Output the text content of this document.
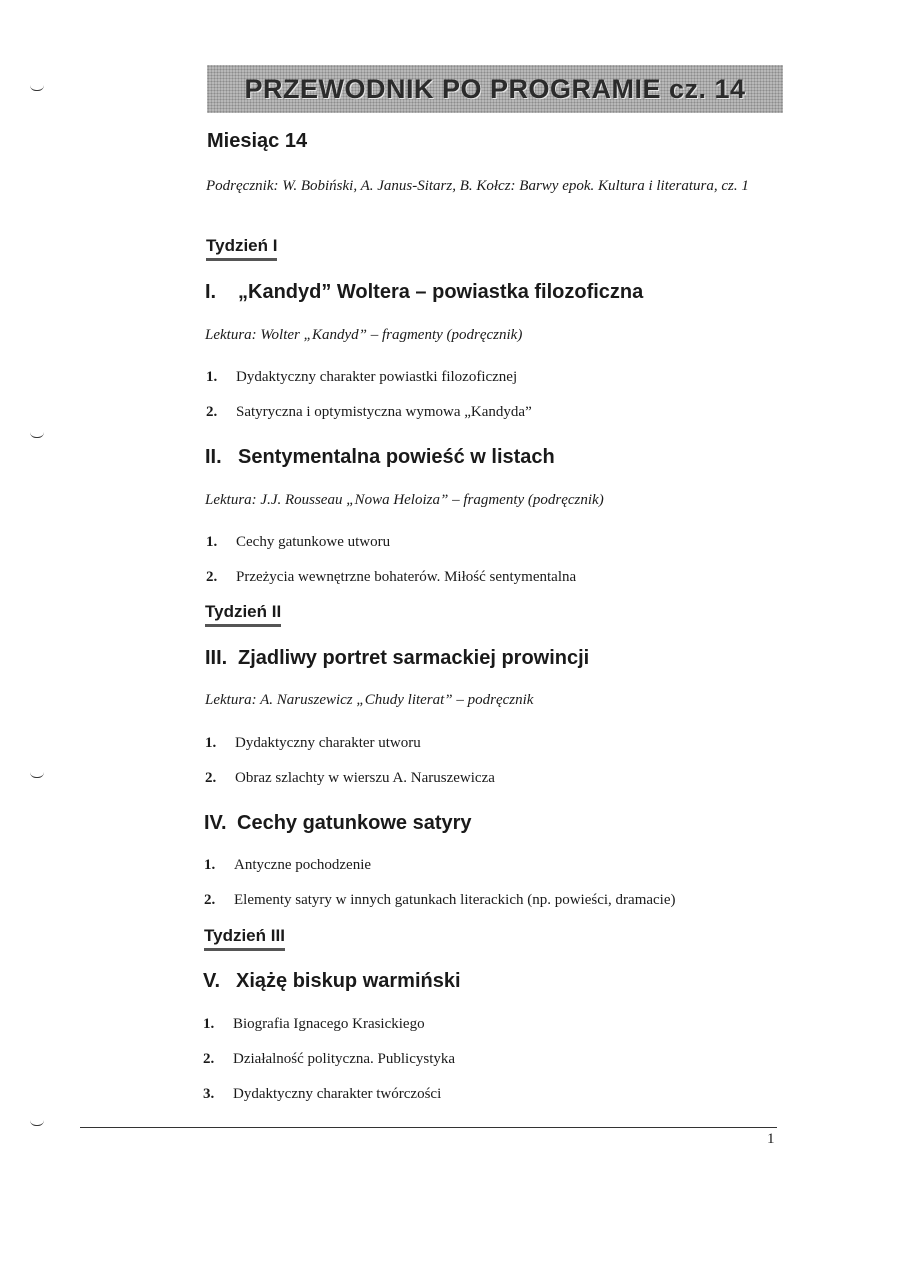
PRZEWODNIK PO PROGRAMIE cz. 14
Miesiąc 14
Podręcznik: W. Bobiński, A. Janus-Sitarz, B. Kołcz: Barwy epok. Kultura i literatura, cz. 1
Tydzień I
I. „Kandyd” Woltera – powiastka filozoficzna
Lektura: Wolter „Kandyd” – fragmenty (podręcznik)
1. Dydaktyczny charakter powiastki filozoficznej
2. Satyryczna i optymistyczna wymowa „Kandyda”
II. Sentymentalna powieść w listach
Lektura: J.J. Rousseau „Nowa Heloiza” – fragmenty (podręcznik)
1. Cechy gatunkowe utworu
2. Przeżycia wewnętrzne bohaterów. Miłość sentymentalna
Tydzień II
III. Zjadliwy portret sarmackiej prowincji
Lektura: A. Naruszewicz „Chudy literat” – podręcznik
1. Dydaktyczny charakter utworu
2. Obraz szlachty w wierszu A. Naruszewicza
IV. Cechy gatunkowe satyry
1. Antyczne pochodzenie
2. Elementy satyry w innych gatunkach literackich (np. powieści, dramacie)
Tydzień III
V. Xiążę biskup warmiński
1. Biografia Ignacego Krasickiego
2. Działalność polityczna. Publicystyka
3. Dydaktyczny charakter twórczości
1
